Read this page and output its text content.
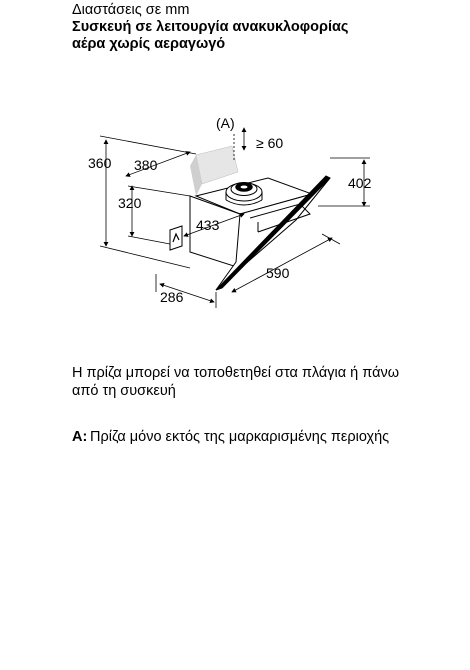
Διαστάσεις σε mm
Συσκευή σε λειτουργία ανακυκλοφορίας
αέρα χωρίς αεραγωγό
(A)
≥ 60
360 380
402
320
433
590
286
Η πρίζα μπορεί να τοποθετηθεί στα πλάγια ή πάνω από τη συσκευή
A: Πρίζα μόνο εκτός της μαρκαρισμένης περιοχής
